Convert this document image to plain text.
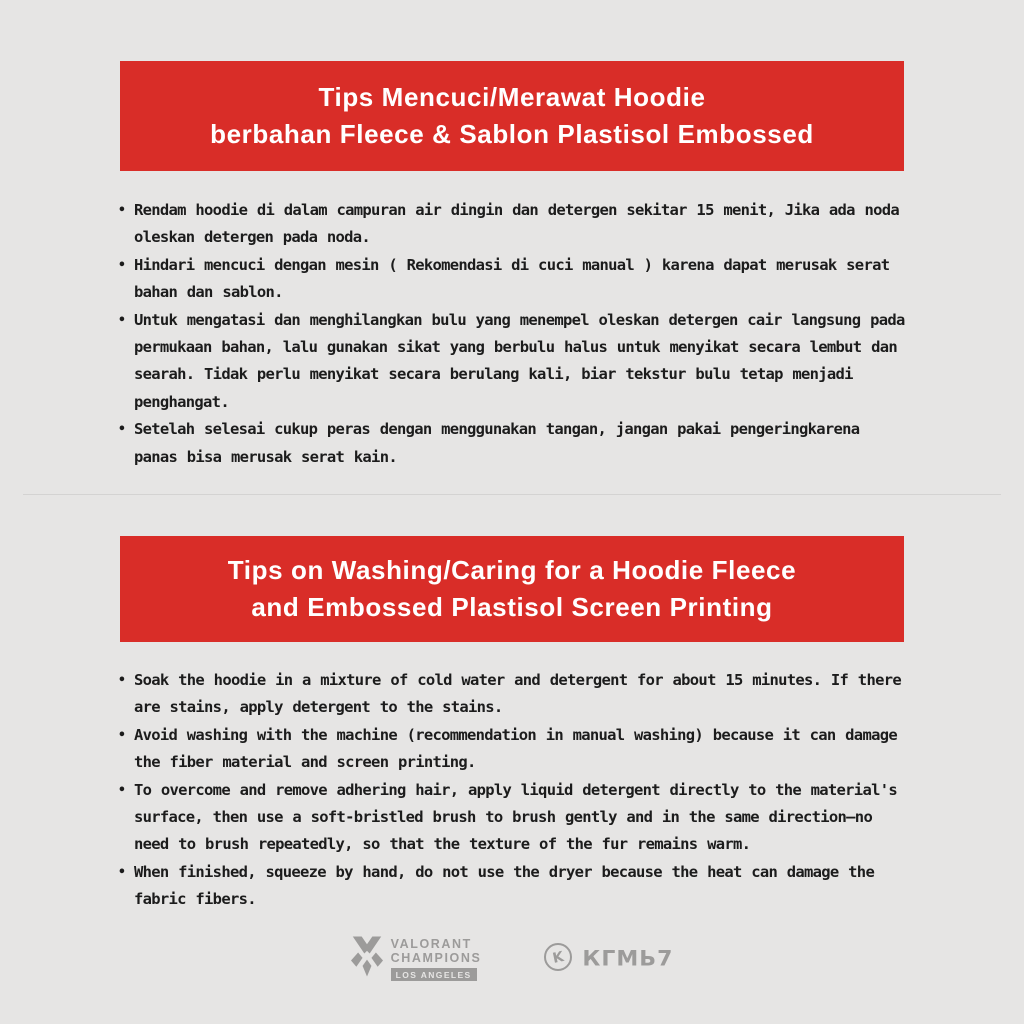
Tips Mencuci/Merawat Hoodie
berbahan Fleece & Sablon Plastisol Embossed
• Rendam hoodie di dalam campuran air dingin dan detergen sekitar 15 menit, Jika ada noda oleskan detergen pada noda.
• Hindari mencuci dengan mesin ( Rekomendasi di cuci manual ) karena dapat merusak serat bahan dan sablon.
• Untuk mengatasi dan menghilangkan bulu yang menempel oleskan detergen cair langsung pada permukaan bahan, lalu gunakan sikat yang berbulu halus untuk menyikat secara lembut dan searah. Tidak perlu menyikat secara berulang kali, biar tekstur bulu tetap menjadi penghangat.
• Setelah selesai cukup peras dengan menggunakan tangan, jangan pakai pengeringkarena panas bisa merusak serat kain.
Tips on Washing/Caring for a Hoodie Fleece
and Embossed Plastisol Screen Printing
• Soak the hoodie in a mixture of cold water and detergent for about 15 minutes. If there are stains, apply detergent to the stains.
• Avoid washing with the machine (recommendation in manual washing) because it can damage the fiber material and screen printing.
• To overcome and remove adhering hair, apply liquid detergent directly to the material's surface, then use a soft-bristled brush to brush gently and in the same direction—no need to brush repeatedly, so that the texture of the fur remains warm.
• When finished, squeeze by hand, do not use the dryer because the heat can damage the fabric fibers.
VALORANT
CHAMPIONS
LOS ANGELES
K КГМЬ7
